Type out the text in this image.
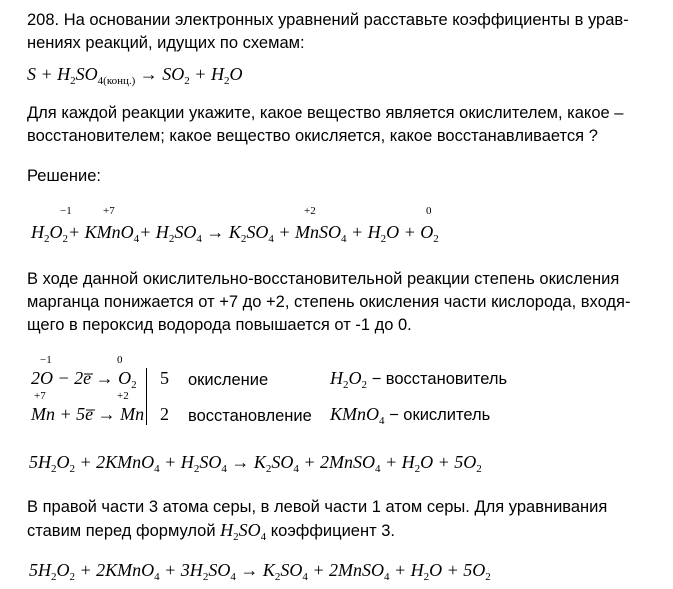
208. На основании электронных уравнений расставьте коэффициенты в урав-
нениях реакций, идущих по схемам:
$S + H_2SO_{4(конц.)} \to SO_2 + H_2O$
Для каждой реакции укажите, какое вещество является окислителем, какое –
восстановителем; какое вещество окисляется, какое восстанавливается ?
Решение:
−1	+7	+2	0
$H_2O_2+$ KMnO$_4$+ $H_2SO_4 \to K_2SO_4$ + MnSO$_4$ + $H_2O + O_2$
В ходе данной окислительно-восстановительной реакции степень окисления
марганца понижается от +7 до +2, степень окисления части кислорода, входя-
щего в пероксид водорода повышается от -1 до 0.
−1	0
2O − 2e̅ → $O_2$ 5 окисление	$H_2O_2$ − восстановитель
+7	+2
Mn + 5e̅ → Mn 2 восстановление KMnO$_4$ − окислитель
$5H_2O_2$ + 2KMnO$_4$ + $H_2SO_4 \to K_2SO_4$ + 2MnSO$_4$ + $H_2O + 5O_2$
В правой части 3 атома серы, в левой части 1 атом серы. Для уравнивания
ставим перед формулой $H_2SO_4$ коэффициент 3.
$5H_2O_2$ + 2KMnO$_4$ + $3H_2SO_4 \to K_2SO_4$ + 2MnSO$_4$ + $H_2O + 5O_2$
